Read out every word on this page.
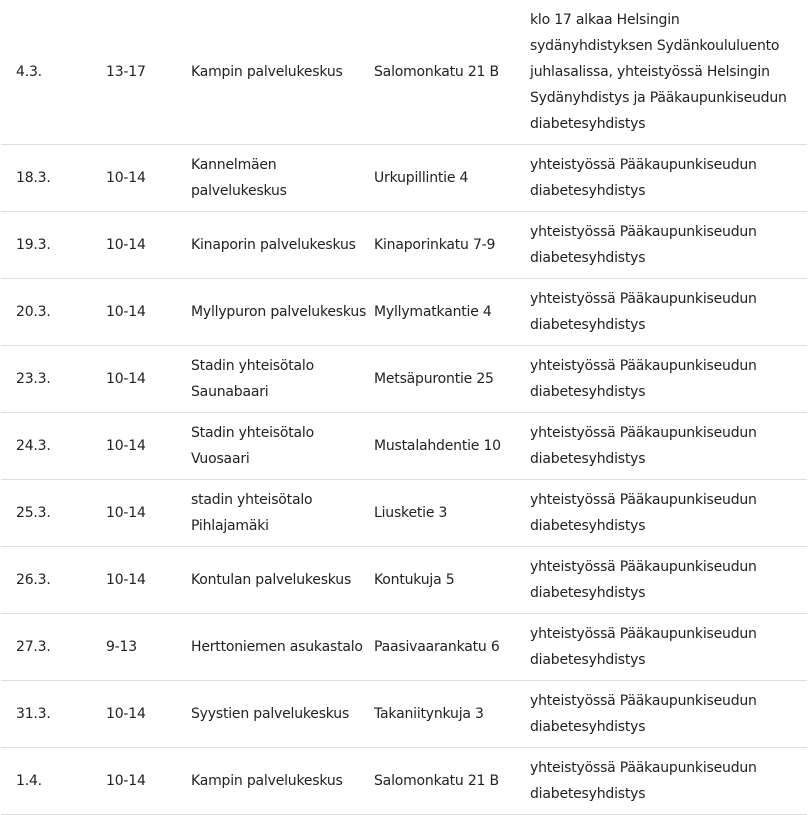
4.3.	13-17	Kampin palvelukeskus	Salomonkatu 21 B	klo 17 alkaa Helsingin sydänyhdistyksen Sydänkoululuento juhlasalissa, yhteistyössä Helsingin Sydänyhdistys ja Pääkaupunkiseudun diabetesyhdistys
18.3.	10-14	Kannelmäen palvelukeskus	Urkupillintie 4	yhteistyössä Pääkaupunkiseudun diabetesyhdistys
19.3.	10-14	Kinaporin palvelukeskus	Kinaporinkatu 7-9	yhteistyössä Pääkaupunkiseudun diabetesyhdistys
20.3.	10-14	Myllypuron palvelukeskus	Myllymatkantie 4	yhteistyössä Pääkaupunkiseudun diabetesyhdistys
23.3.	10-14	Stadin yhteisötalo Saunabaari	Metsäpurontie 25	yhteistyössä Pääkaupunkiseudun diabetesyhdistys
24.3.	10-14	Stadin yhteisötalo Vuosaari	Mustalahdentie 10	yhteistyössä Pääkaupunkiseudun diabetesyhdistys
25.3.	10-14	stadin yhteisötalo Pihlajamäki	Liusketie 3	yhteistyössä Pääkaupunkiseudun diabetesyhdistys
26.3.	10-14	Kontulan palvelukeskus	Kontukuja 5	yhteistyössä Pääkaupunkiseudun diabetesyhdistys
27.3.	9-13	Herttoniemen asukastalo	Paasivaarankatu 6	yhteistyössä Pääkaupunkiseudun diabetesyhdistys
31.3.	10-14	Syystien palvelukeskus	Takaniitynkuja 3	yhteistyössä Pääkaupunkiseudun diabetesyhdistys
1.4.	10-14	Kampin palvelukeskus	Salomonkatu 21 B	yhteistyössä Pääkaupunkiseudun diabetesyhdistys
